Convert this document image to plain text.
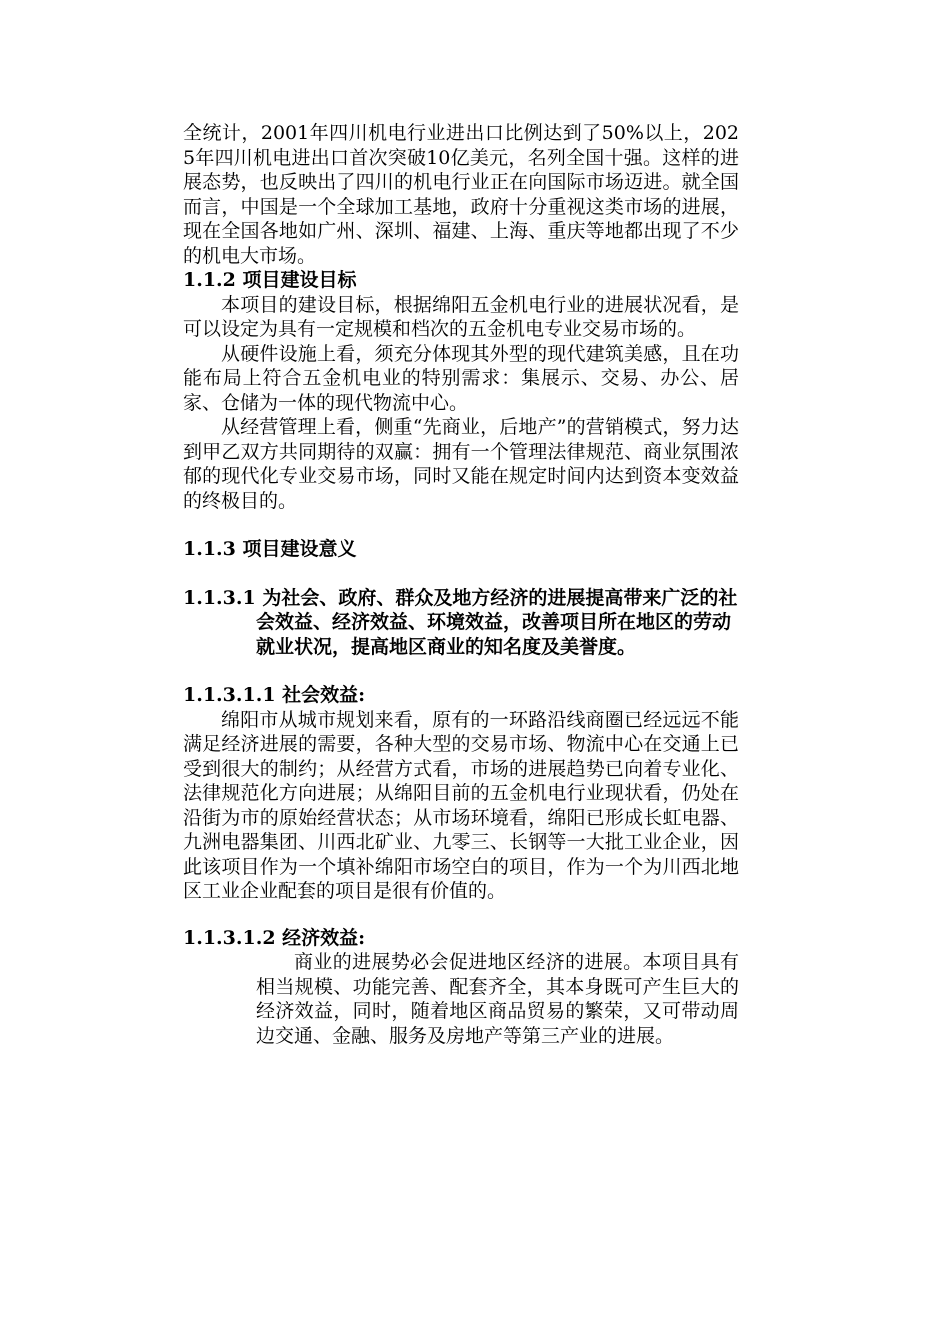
全统计，2001年四川机电行业进出口比例达到了50%以上，2025年四川机电进出口首次突破10亿美元，名列全国十强。这样的进展态势，也反映出了四川的机电行业正在向国际市场迈进。就全国而言，中国是一个全球加工基地，政府十分重视这类市场的进展，现在全国各地如广州、深圳、福建、上海、重庆等地都出现了不少的机电大市场。

1.1.2 项目建设目标

本项目的建设目标，根据绵阳五金机电行业的进展状况看，是可以设定为具有一定规模和档次的五金机电专业交易市场的。

从硬件设施上看，须充分体现其外型的现代建筑美感，且在功能布局上符合五金机电业的特别需求：集展示、交易、办公、居家、仓储为一体的现代物流中心。

从经营管理上看，侧重“先商业，后地产”的营销模式，努力达到甲乙双方共同期待的双赢：拥有一个管理法律规范、商业氛围浓郁的现代化专业交易市场，同时又能在规定时间内达到资本变效益的终极目的。

1.1.3 项目建设意义

1.1.3.1 为社会、政府、群众及地方经济的进展提高带来广泛的社会效益、经济效益、环境效益，改善项目所在地区的劳动就业状况，提高地区商业的知名度及美誉度。

1.1.3.1.1 社会效益:

绵阳市从城市规划来看，原有的一环路沿线商圈已经远远不能满足经济进展的需要，各种大型的交易市场、物流中心在交通上已受到很大的制约；从经营方式看，市场的进展趋势已向着专业化、法律规范化方向进展；从绵阳目前的五金机电行业现状看，仍处在沿街为市的原始经营状态；从市场环境看，绵阳已形成长虹电器、九洲电器集团、川西北矿业、九零三、长钢等一大批工业企业，因此该项目作为一个填补绵阳市场空白的项目，作为一个为川西北地区工业企业配套的项目是很有价值的。

1.1.3.1.2 经济效益:

商业的进展势必会促进地区经济的进展。本项目具有相当规模、功能完善、配套齐全，其本身既可产生巨大的经济效益，同时，随着地区商品贸易的繁荣，又可带动周边交通、金融、服务及房地产等第三产业的进展。
